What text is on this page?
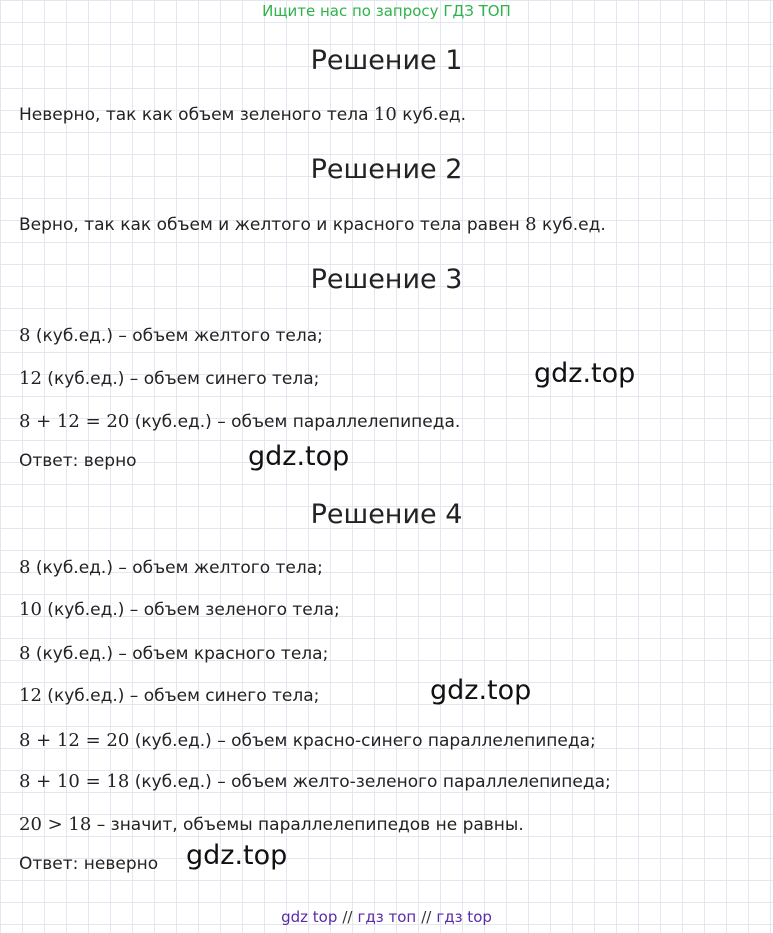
Ищите нас по запросу ГДЗ ТОП
Решение 1
Неверно, так как объем зеленого тела 10 куб.ед.
Решение 2
Верно, так как объем и желтого и красного тела равен 8 куб.ед.
Решение 3
8 (куб.ед.) – объем желтого тела;
12 (куб.ед.) – объем синего тела;
8 + 12 = 20 (куб.ед.) – объем параллелепипеда.
Ответ: верно
Решение 4
8 (куб.ед.) – объем желтого тела;
10 (куб.ед.) – объем зеленого тела;
8 (куб.ед.) – объем красного тела;
12 (куб.ед.) – объем синего тела;
8 + 12 = 20 (куб.ед.) – объем красно-синего параллелепипеда;
8 + 10 = 18 (куб.ед.) – объем желто-зеленого параллелепипеда;
20 > 18 – значит, объемы параллелепипедов не равны.
Ответ: неверно
gdz.top
gdz.top
gdz.top
gdz.top
gdz top // гдз топ // гдз top
